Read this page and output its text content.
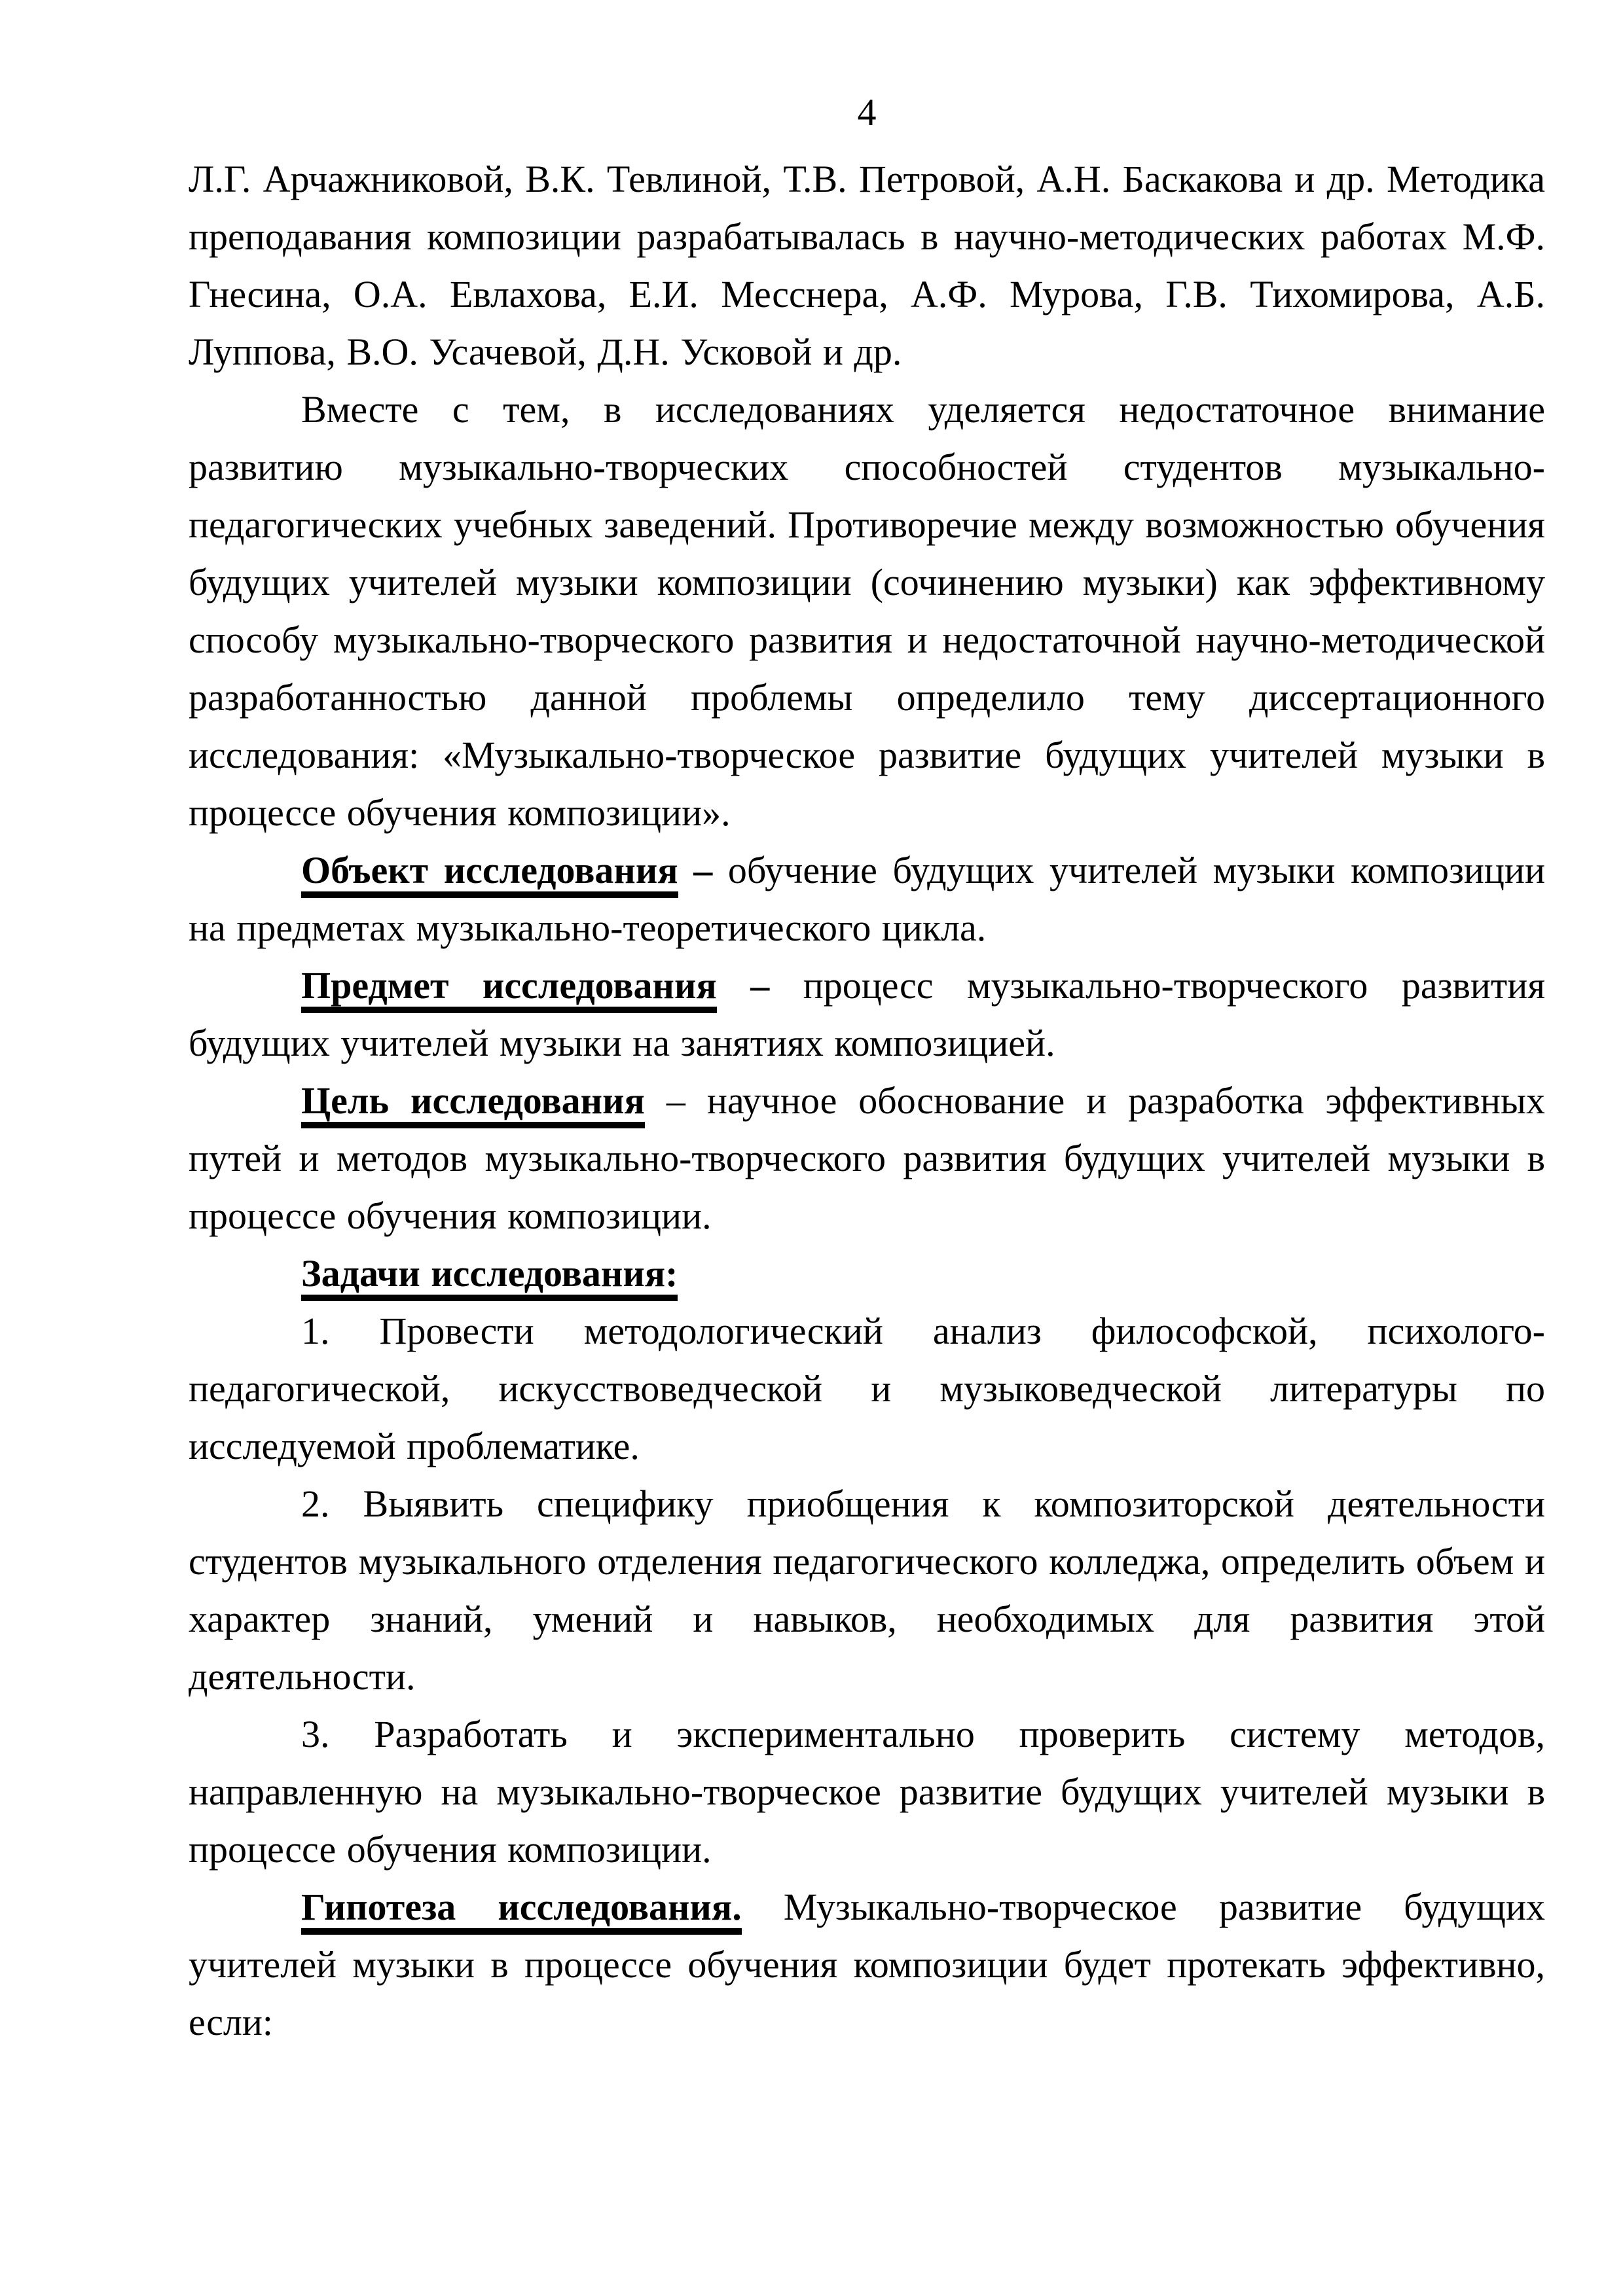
4

Л.Г. Арчажниковой, В.К. Тевлиной, Т.В. Петровой, А.Н. Баскакова и др. Методика преподавания композиции разрабатывалась в научно-методических работах М.Ф. Гнесина, О.А. Евлахова, Е.И. Месснера, А.Ф. Мурова, Г.В. Тихомирова, А.Б. Луппова, В.О. Усачевой, Д.Н. Усковой и др.

Вместе с тем, в исследованиях уделяется недостаточное внимание развитию музыкально-творческих способностей студентов музыкально-педагогических учебных заведений. Противоречие между возможностью обучения будущих учителей музыки композиции (сочинению музыки) как эффективному способу музыкально-творческого развития и недостаточной научно-методической разработанностью данной проблемы определило тему диссертационного исследования: «Музыкально-творческое развитие будущих учителей музыки в процессе обучения композиции».

Объект исследования – обучение будущих учителей музыки композиции на предметах музыкально-теоретического цикла.

Предмет исследования – процесс музыкально-творческого развития будущих учителей музыки на занятиях композицией.

Цель исследования – научное обоснование и разработка эффективных путей и методов музыкально-творческого развития будущих учителей музыки в процессе обучения композиции.

Задачи исследования:

1. Провести методологический анализ философской, психолого-педагогической, искусствоведческой и музыковедческой литературы по исследуемой проблематике.

2. Выявить специфику приобщения к композиторской деятельности студентов музыкального отделения педагогического колледжа, определить объем и характер знаний, умений и навыков, необходимых для развития этой деятельности.

3. Разработать и экспериментально проверить систему методов, направленную на музыкально-творческое развитие будущих учителей музыки в процессе обучения композиции.

Гипотеза исследования. Музыкально-творческое развитие будущих учителей музыки в процессе обучения композиции будет протекать эффективно, если:
